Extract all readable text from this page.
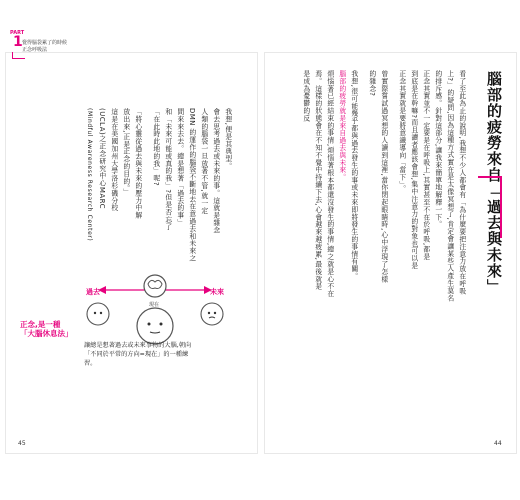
PART
1 覺得腦袋累了的時候
正念呼吸法
我想,便是其典型。
會去思考過去或未來的事。這就是雜念
人類的腦袋一旦放著不管,就一定
DMN 的運作的腦袋不斷地去在意過去和未來之
間來來去去。總是想著「過去的事」
和「未來可能或真的我」?但是否忘了
「在此時此地的我」呢?
「將心靈從過去與未來的壓力中解
放出來,正是正念的目的。」
這是在美國加州大學洛杉磯分校
(UCLA)之正念研究中心MARC
(Mindful Awareness Research Center)
過去	未來
現在
正念,是一種「大腦休息法」
讓總是想著過去或未來事物的大腦,朝向「不同於平常的方向=現在」的一種練習。
45
腦部的疲勞來自「過去與未來」
看了至此為止的說明,我想不少人都會有「為什麼要把注意力放在呼吸
上?」的疑問,因為這種方式實在是太像冥想了,肯定會讓某些人產生莫名
的排斥感。針對這部分,讓我來簡單地解釋一下。
正念其實並不一定要是在呼吸上,其實甚至不在於呼吸,都是
到底是在幹嘛?而且讀者應該會想,集中注意力的對象也可以是
正念其實就是要將意識導向「當下」。
曾實際嘗試過冥想的人讀到這裡,當你閉起眼睛時,心中浮現了怎樣
的雜念?
我想,很可能幾乎都與過去發生的事或未來即將發生的事情有關。
腦部的疲勞就是來自過去與未來。
煩惱著已經結束的事情,煩惱著根本都還沒發生的事情,總之就是心不在
焉。這樣的狀態會在不知不覺中持續下去,心會越來越疲累,最後就是
是成為憂鬱的反
44
